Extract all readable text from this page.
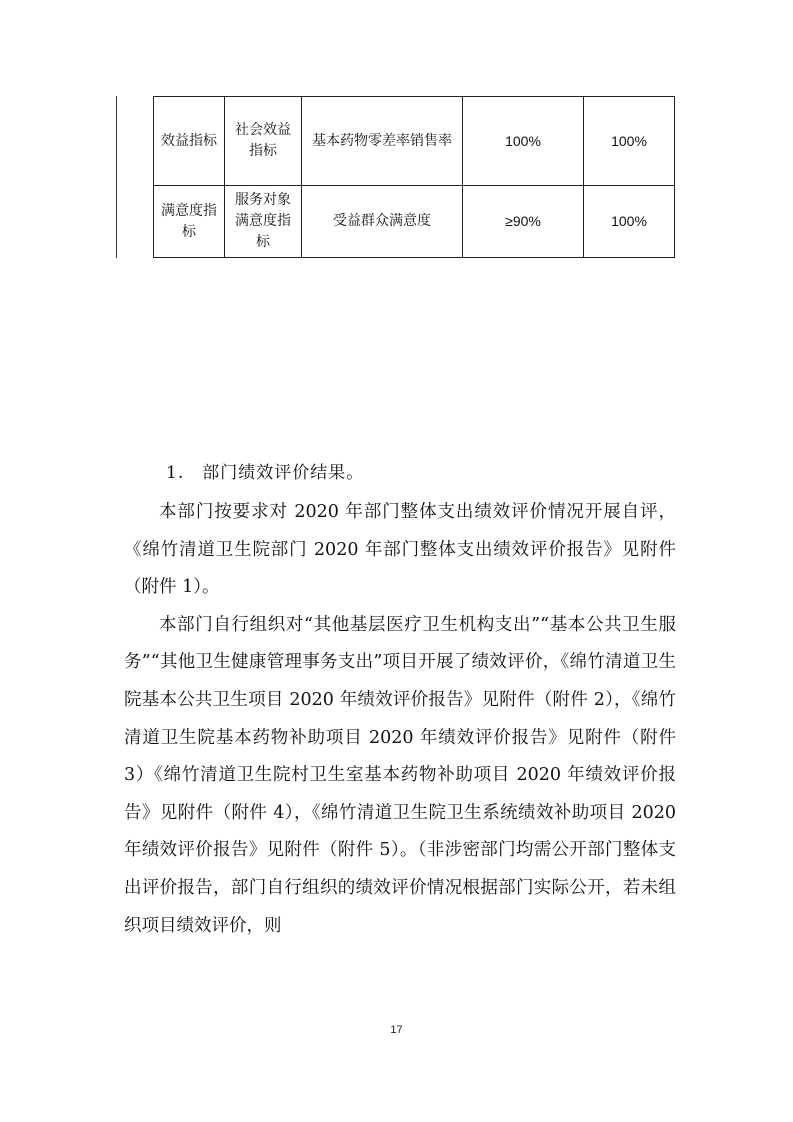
效益指标	社会效益指标	基本药物零差率销售率	100%	100%
满意度指标	服务对象满意度指标	受益群众满意度	≥90%	100%
1.　部门绩效评价结果。

本部门按要求对 2020 年部门整体支出绩效评价情况开展自评，《绵竹清道卫生院部门 2020 年部门整体支出绩效评价报告》见附件（附件 1）。

本部门自行组织对“其他基层医疗卫生机构支出”“基本公共卫生服务”“其他卫生健康管理事务支出”项目开展了绩效评价，《绵竹清道卫生院基本公共卫生项目 2020 年绩效评价报告》见附件（附件 2），《绵竹清道卫生院基本药物补助项目 2020 年绩效评价报告》见附件（附件 3）《绵竹清道卫生院村卫生室基本药物补助项目 2020 年绩效评价报告》见附件（附件 4），《绵竹清道卫生院卫生系统绩效补助项目 2020 年绩效评价报告》见附件（附件 5）。（非涉密部门均需公开部门整体支出评价报告，部门自行组织的绩效评价情况根据部门实际公开，若未组织项目绩效评价，则

17
